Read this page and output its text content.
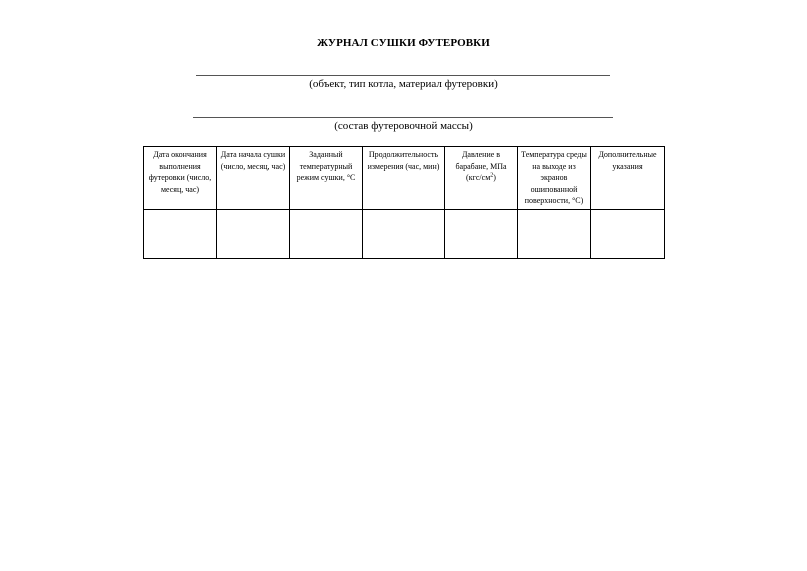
ЖУРНАЛ СУШКИ ФУТЕРОВКИ
(объект, тип котла, материал футеровки)
(состав футеровочной массы)
Дата окончания выполнения футеровки (число, месяц, час)	Дата начала сушки (число, месяц, час)	Заданный температурный режим сушки, °С	Продолжительность измерения (час, мин)	Давление в барабане, МПа $(кгс/см^2)$	Температура среды на выходе из экранов ошипованной поверхности, °С)	Дополнительные указания
